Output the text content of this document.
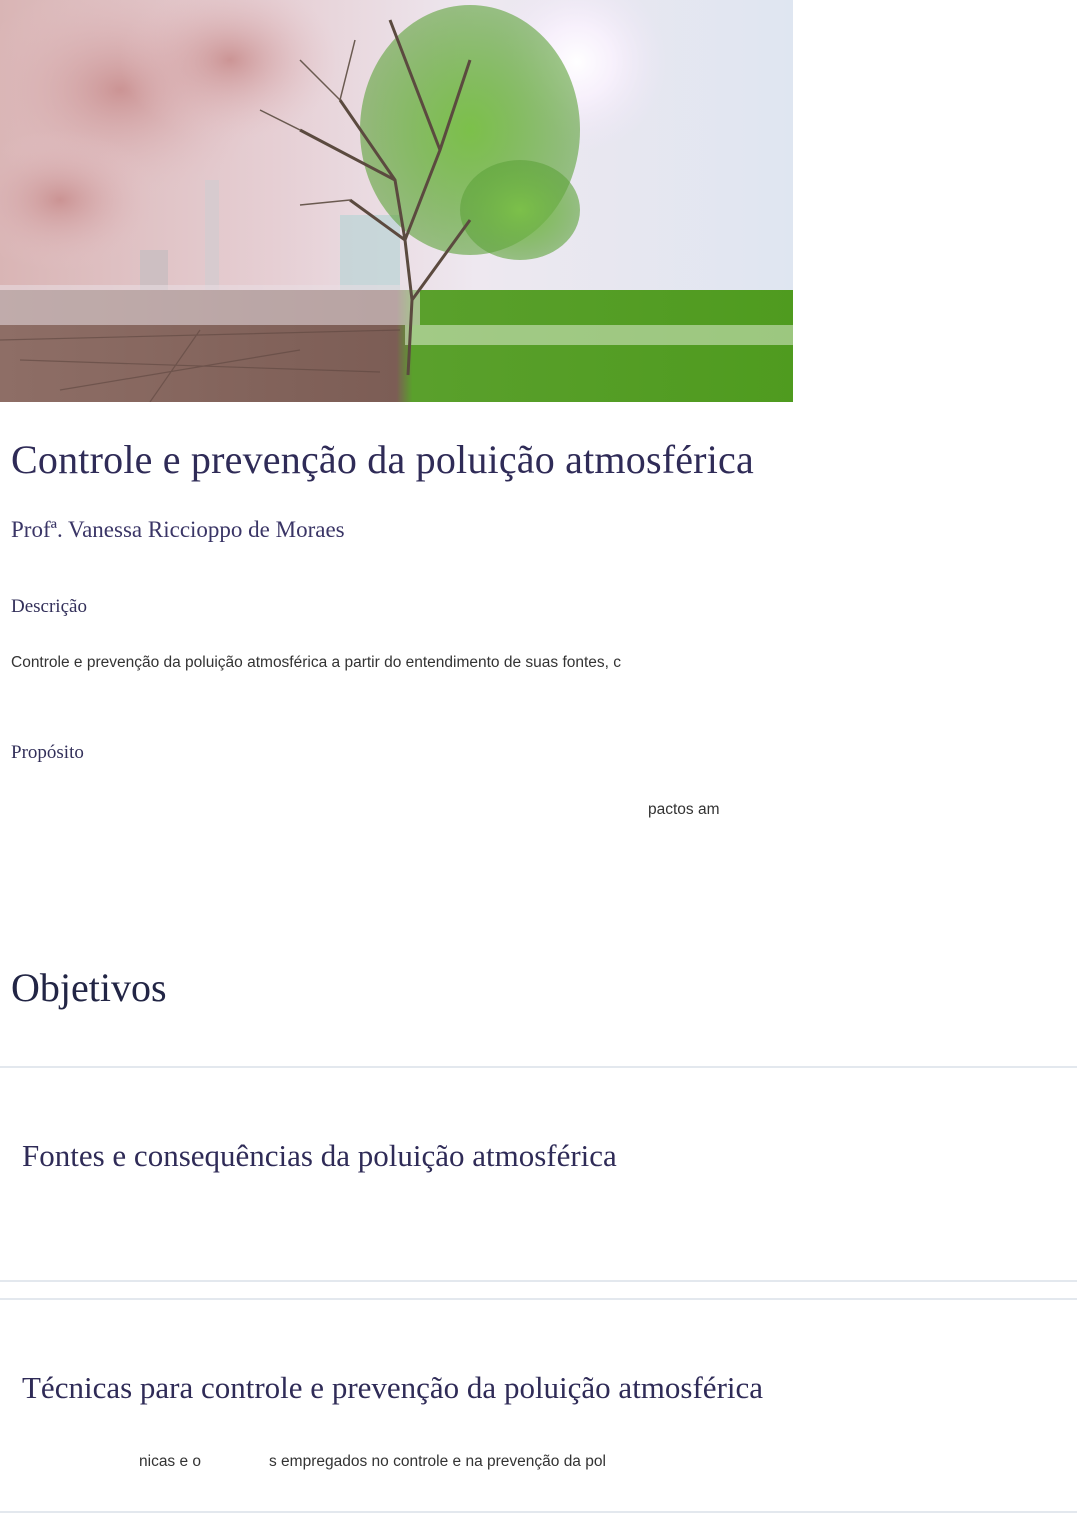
Controle e prevenção da poluição atmosférica

Profª. Vanessa Riccioppo de Moraes

Descrição

Controle e prevenção da poluição atmosférica a partir do entendimento de suas fontes, c

Propósito

pactos am

Objetivos
Fontes e consequências da poluição atmosférica
Técnicas para controle e prevenção da poluição atmosférica

nicas e o	s empregados no controle e na prevenção da pol
